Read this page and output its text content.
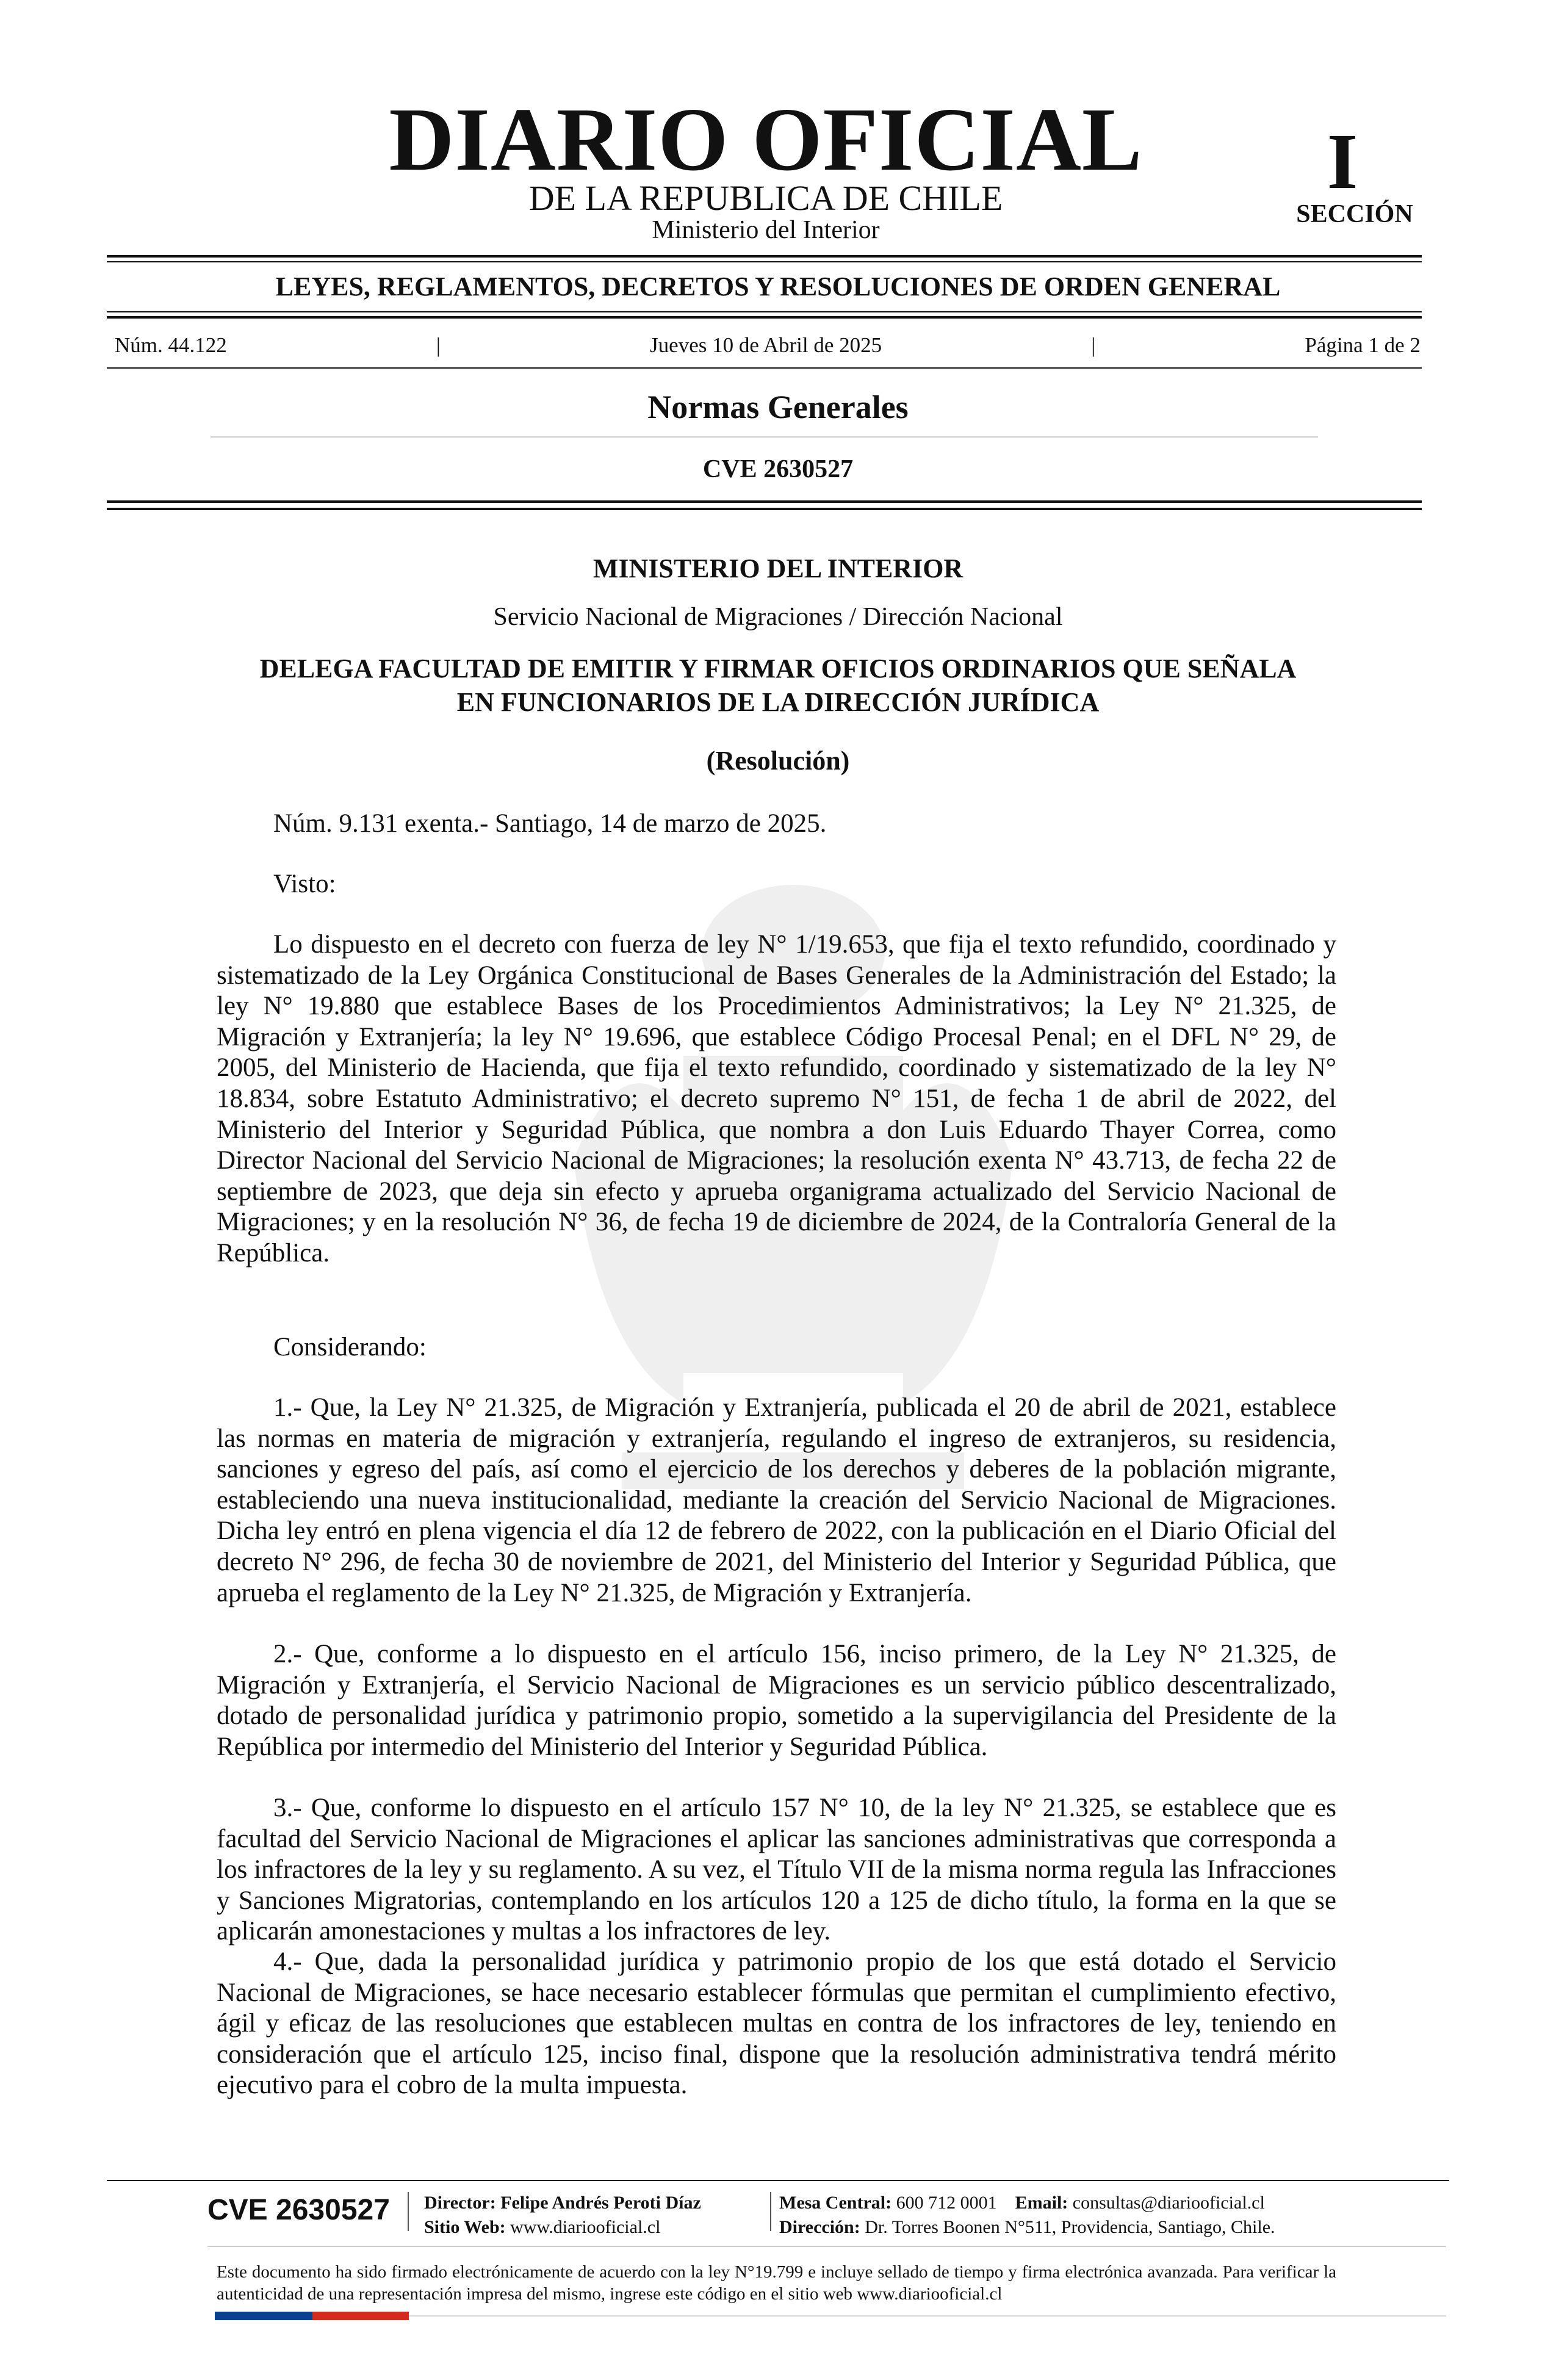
DIARIO OFICIAL
DE LA REPUBLICA DE CHILE
Ministerio del Interior
I
SECCIÓN
LEYES, REGLAMENTOS, DECRETOS Y RESOLUCIONES DE ORDEN GENERAL
Núm. 44.122	|	Jueves 10 de Abril de 2025	|	Página 1 de 2
Normas Generales
CVE 2630527
MINISTERIO DEL INTERIOR
Servicio Nacional de Migraciones / Dirección Nacional
DELEGA FACULTAD DE EMITIR Y FIRMAR OFICIOS ORDINARIOS QUE SEÑALA
EN FUNCIONARIOS DE LA DIRECCIÓN JURÍDICA
(Resolución)
Núm. 9.131 exenta.- Santiago, 14 de marzo de 2025.
Visto:
Lo dispuesto en el decreto con fuerza de ley N° 1/19.653, que fija el texto refundido, coordinado y sistematizado de la Ley Orgánica Constitucional de Bases Generales de la Administración del Estado; la ley N° 19.880 que establece Bases de los Procedimientos Administrativos; la Ley N° 21.325, de Migración y Extranjería; la ley N° 19.696, que establece Código Procesal Penal; en el DFL N° 29, de 2005, del Ministerio de Hacienda, que fija el texto refundido, coordinado y sistematizado de la ley N° 18.834, sobre Estatuto Administrativo; el decreto supremo N° 151, de fecha 1 de abril de 2022, del Ministerio del Interior y Seguridad Pública, que nombra a don Luis Eduardo Thayer Correa, como Director Nacional del Servicio Nacional de Migraciones; la resolución exenta N° 43.713, de fecha 22 de septiembre de 2023, que deja sin efecto y aprueba organigrama actualizado del Servicio Nacional de Migraciones; y en la resolución N° 36, de fecha 19 de diciembre de 2024, de la Contraloría General de la República.
Considerando:
1.- Que, la Ley N° 21.325, de Migración y Extranjería, publicada el 20 de abril de 2021, establece las normas en materia de migración y extranjería, regulando el ingreso de extranjeros, su residencia, sanciones y egreso del país, así como el ejercicio de los derechos y deberes de la población migrante, estableciendo una nueva institucionalidad, mediante la creación del Servicio Nacional de Migraciones. Dicha ley entró en plena vigencia el día 12 de febrero de 2022, con la publicación en el Diario Oficial del decreto N° 296, de fecha 30 de noviembre de 2021, del Ministerio del Interior y Seguridad Pública, que aprueba el reglamento de la Ley N° 21.325, de Migración y Extranjería.
2.- Que, conforme a lo dispuesto en el artículo 156, inciso primero, de la Ley N° 21.325, de Migración y Extranjería, el Servicio Nacional de Migraciones es un servicio público descentralizado, dotado de personalidad jurídica y patrimonio propio, sometido a la supervigilancia del Presidente de la República por intermedio del Ministerio del Interior y Seguridad Pública.
3.- Que, conforme lo dispuesto en el artículo 157 N° 10, de la ley N° 21.325, se establece que es facultad del Servicio Nacional de Migraciones el aplicar las sanciones administrativas que corresponda a los infractores de la ley y su reglamento. A su vez, el Título VII de la misma norma regula las Infracciones y Sanciones Migratorias, contemplando en los artículos 120 a 125 de dicho título, la forma en la que se aplicarán amonestaciones y multas a los infractores de ley.
4.- Que, dada la personalidad jurídica y patrimonio propio de los que está dotado el Servicio Nacional de Migraciones, se hace necesario establecer fórmulas que permitan el cumplimiento efectivo, ágil y eficaz de las resoluciones que establecen multas en contra de los infractores de ley, teniendo en consideración que el artículo 125, inciso final, dispone que la resolución administrativa tendrá mérito ejecutivo para el cobro de la multa impuesta.
CVE 2630527 Director: Felipe Andrés Peroti Díaz
Sitio Web: www.diariooficial.cl
Mesa Central: 600 712 0001 Email: consultas@diariooficial.cl
Dirección: Dr. Torres Boonen N°511, Providencia, Santiago, Chile.
Este documento ha sido firmado electrónicamente de acuerdo con la ley N°19.799 e incluye sellado de tiempo y firma electrónica avanzada. Para verificar la autenticidad de una representación impresa del mismo, ingrese este código en el sitio web www.diariooficial.cl
